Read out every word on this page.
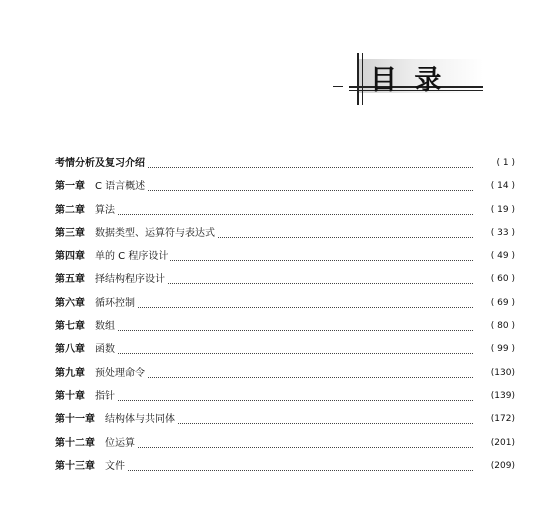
目 录
考情分析及复习介绍	( 1 )
第一章 C 语言概述	( 14 )
第二章 算法	( 19 )
第三章 数据类型、运算符与表达式	( 33 )
第四章 单的 C 程序设计	( 49 )
第五章 择结构程序设计	( 60 )
第六章 循环控制	( 69 )
第七章 数组	( 80 )
第八章 函数	( 99 )
第九章 预处理命令	(130)
第十章 指针	(139)
第十一章 结构体与共同体	(172)
第十二章 位运算	(201)
第十三章 文件	(209)
